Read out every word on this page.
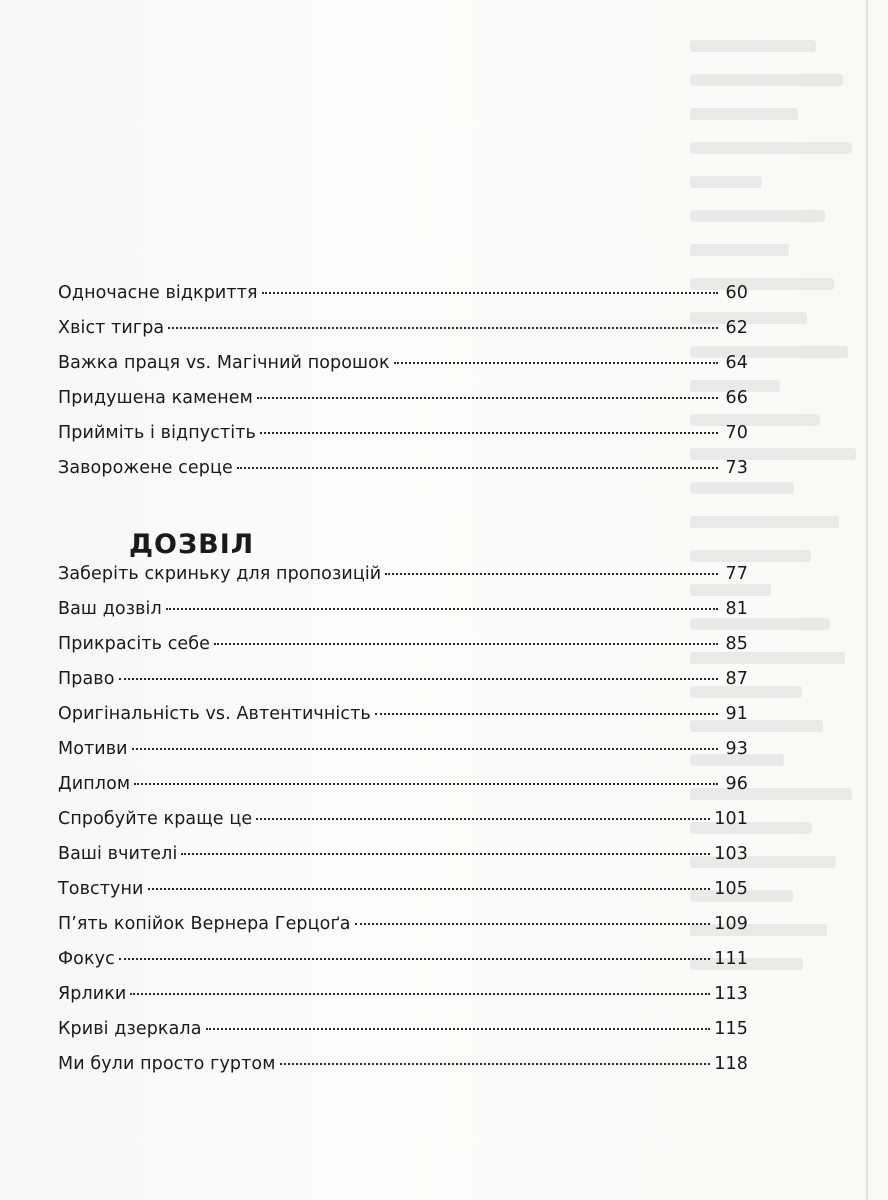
Одночасне відкриття	60
Хвіст тигра	62
Важка праця vs. Магічний порошок	64
Придушена каменем	66
Прийміть і відпустіть	70
Заворожене серце	73
ДОЗВІЛ
Заберіть скриньку для пропозицій	77
Ваш дозвіл	81
Прикрасіть себе	85
Право	87
Оригінальність vs. Автентичність	91
Мотиви	93
Диплом	96
Спробуйте краще це	101
Ваші вчителі	103
Товстуни	105
П’ять копійок Вернера Герцоґа	109
Фокус	111
Ярлики	113
Криві дзеркала	115
Ми були просто гуртом	118
